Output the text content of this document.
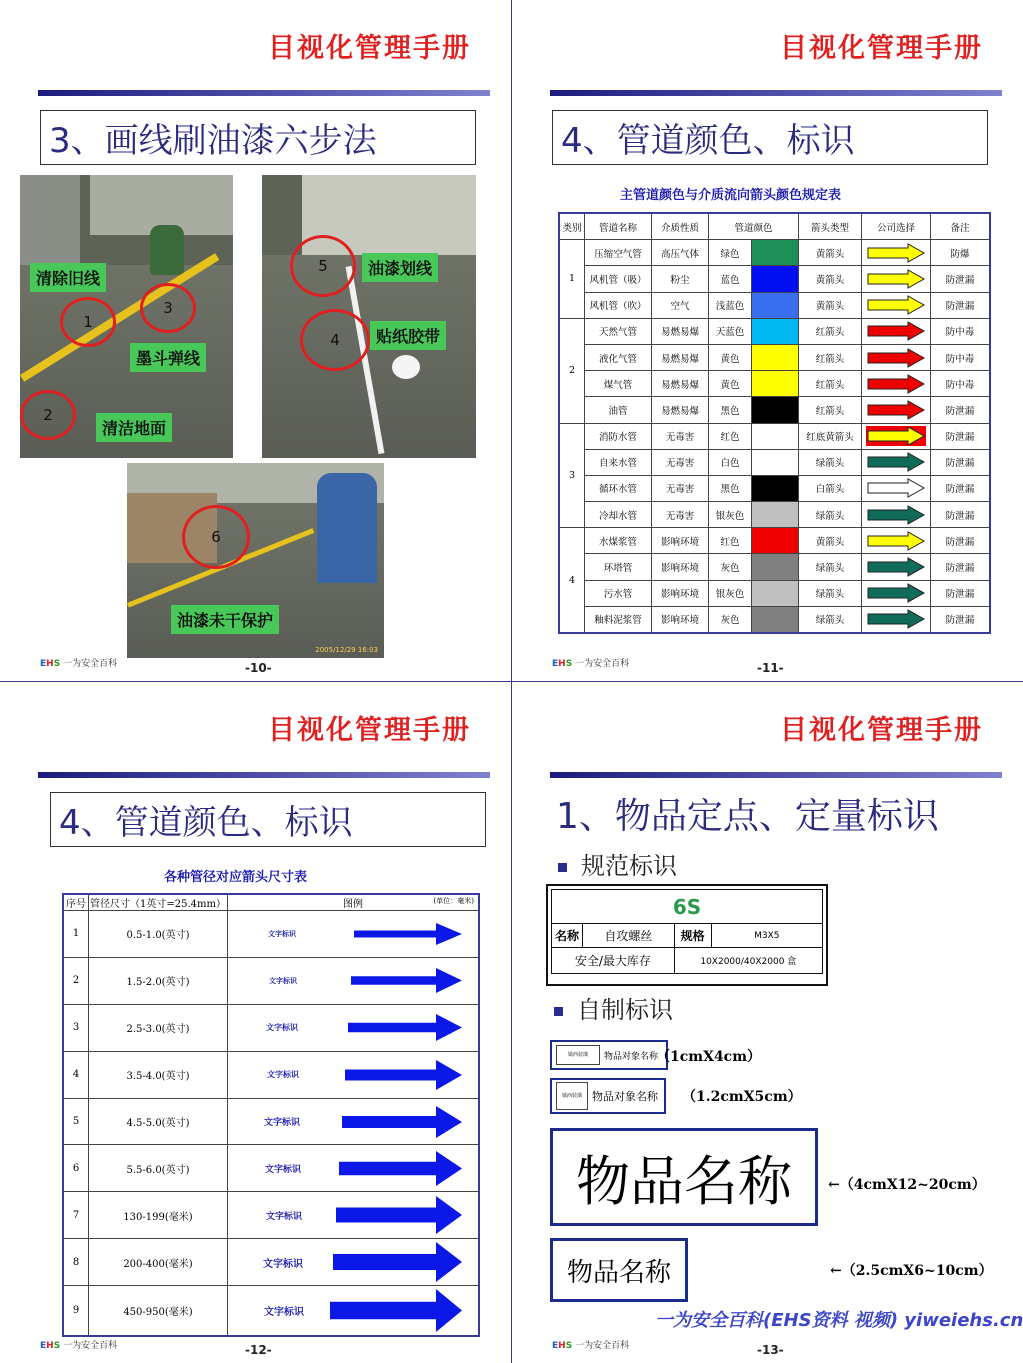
目视化管理手册
3、画线刷油漆六步法
清除旧线
墨斗弹线
清洁地面
1
2
3
油漆划线
贴纸胶带
5
4
油漆未干保护
6
2005/12/29 16:03
EHS 一为安全百科	-10-
目视化管理手册
4、管道颜色、标识
主管道颜色与介质流向箭头颜色规定表
类别	管道名称	介质性质	管道颜色		箭头类型	公司选择	备注
1	压缩空气管	高压气体	绿色		黄箭头		防爆
	风机管（吸）	粉尘	蓝色		黄箭头		防泄漏
	风机管（吹）	空气	浅蓝色		黄箭头		防泄漏
2	天然气管	易燃易爆	天蓝色		红箭头		防中毒
	液化气管	易燃易爆	黄色		红箭头		防中毒
	煤气管	易燃易爆	黄色		红箭头		防中毒
	油管	易燃易爆	黑色		红箭头		防泄漏
3	消防水管	无毒害	红色		红底黄箭头		防泄漏
	自来水管	无毒害	白色		绿箭头		防泄漏
	循环水管	无毒害	黑色		白箭头		防泄漏
	冷却水管	无毒害	银灰色		绿箭头		防泄漏
4	水煤浆管	影响环境	红色		黄箭头		防泄漏
	环塔管	影响环境	灰色		绿箭头		防泄漏
	污水管	影响环境	银灰色		绿箭头		防泄漏
	釉料泥浆管	影响环境	灰色		绿箭头		防泄漏
EHS 一为安全百科	-11-
目视化管理手册
4、管道颜色、标识
各种管径对应箭头尺寸表
EHS 一为安全百科	-12-
序号	管径尺寸（1英寸=25.4mm）	图例 (单位：毫米)

1	0.5-1.0(英寸)	文字标识

2	1.5-2.0(英寸)	文字标识

3	2.5-3.0(英寸)	文字标识

4	3.5-4.0(英寸)	文字标识

5	4.5-5.0(英寸)	文字标识

6	5.5-6.0(英寸)	文字标识

7	130-199(毫米)	文字标识

8	200-400(毫米)	文字标识

9	450-950(毫米)	文字标识
目视化管理手册
1、物品定点、定量标识
规范标识
自制标识
镇西装璜	物品对象名称
镇西装璜 物品对象名称
物品名称
物品名称
（1cmX4cm）
（1.2cmX5cm）
←（4cmX12~20cm）
←（2.5cmX6~10cm）
EHS 一为安全百科	-13-
6S			
名称	自攻螺丝	规格	M3X5
安全/最大库存		10X2000/40X2000 盒	
一为安全百科(EHS资料 视频) yiweiehs.cn
